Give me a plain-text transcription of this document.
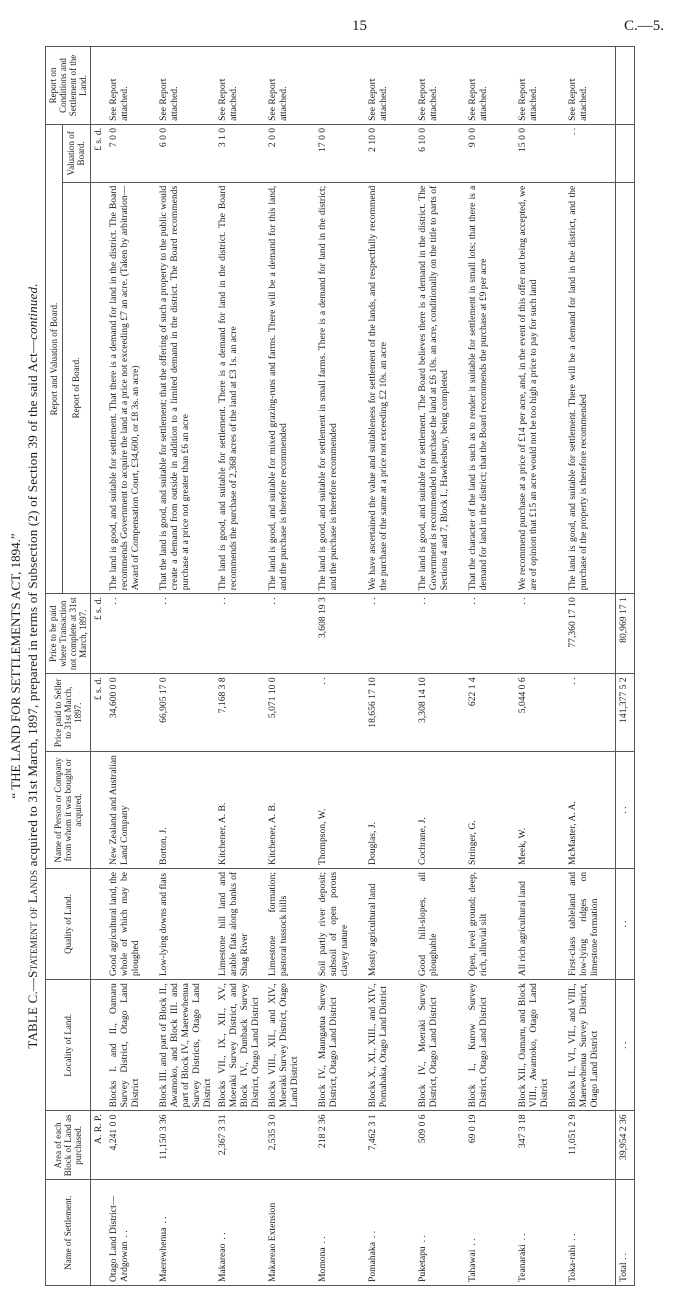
15	C.—5.
“ THE LAND FOR SETTLEMENTS ACT, 1894.”
TABLE C.—Statement of Lands acquired to 31st March, 1897, prepared in terms of Subsection (2) of Section 39 of the said Act—continued.
Name of Settlement.	Area of each Block of Land as purchased.	Locality of Land.	Quality of Land.	Name of Person or Company from whom it was bought or acquired.	Price paid to Seller to 31st March, 1897.	Price to be paid where Transaction not complete at 31st March, 1897.	Report and Valuation of Board.		Report on Conditions and Settlement of the Land.
							Report of Board.	Valuation of Board.	
	A. R. P.				£ s. d.	£ s. d.		£ s. d.	
Otago Land District—Ardgowan. .	4,241 0 0	Blocks I. and II., Oamaru Survey District, Otago Land District	Good agricultural land, the whole of which may be ploughed	New Zealand and Australian Land Company	34,600 0 0	. .	The land is good, and suitable for settlement. That there is a demand for land in the district. The Board recommends Government to acquire the land at a price not exceeding £7 an acre. (Taken by arbitration—Award of Compensation Court, £34,600, or £8 3s. an acre)	7 0 0	See Report attached.
Maerewhenua. .	11,150 3 36	Block III. and part of Block II., Awamoko, and Block III. and part of Block IV., Maerewhenua Survey Districts, Otago Land District	Low-lying downs and flats	Borton, J.	66,905 17 0	. .	That the land is good, and suitable for settlement; that the offering of such a property to the public would create a demand from outside in addition to a limited demand in the district. The Board recommends purchase at a price not greater than £6 an acre	6 0 0	See Report attached.
Makareao. .	2,367 3 31	Blocks VII., IX., XII., XV., Moeraki Survey District, and Block IV., Dunback Survey District, Otago Land District	Limestone hill land and arable flats along banks of Shag River	Kitchener, A. B.	7,168 3 8	. .	The land is good, and suitable for settlement. There is a demand for land in the district. The Board recommends the purchase of 2,368 acres of the land at £3 1s. an acre	3 1 0	See Report attached.
Makareao Extension	2,535 3 0	Blocks VIII., XII., and XIV., Moeraki Survey District, Otago Land District	Limestone formation; pastoral tussock hills	Kitchener, A. B.	5,071 10 0	. .	The land is good, and suitable for mixed grazing-runs and farms. There will be a demand for this land, and the purchase is therefore recommended	2 0 0	See Report attached.
Momona. .	218 2 36	Block IV., Maungatua Survey District, Otago Land District	Soil partly river deposit; subsoil of open porous clayey nature	Thompson, W.	. .	3,608 19 3	The land is good, and suitable for settlement in small farms. There is a demand for land in the district; and the purchase is therefore recommended	17 0 0	
Pomahaka. .	7,462 3 1	Blocks X., XI., XIII., and XIV., Pomahaka, Otago Land District	Mostly agricultural land	Douglas, J.	18,656 17 10	. .	We have ascertained the value and suitableness for settlement of the lands, and respectfully recommend the purchase of the same at a price not exceeding £2 10s. an acre	2 10 0	See Report attached.
Puketapu. .	509 0 6	Block IV., Moeraki Survey District, Otago Land District	Good hill-slopes, all ploughable	Cochrane, J.	3,308 14 10	. .	The land is good, and suitable for settlement. The Board believes there is a demand in the district. The Government is recommended to purchase the land at £6 10s. an acre, conditionally on the title to parts of Sections 4 and 7, Block I., Hawkesbury, being completed	6 10 0	See Report attached.
Tahawai. .	69 0 19	Block I., Kurow Survey District, Otago Land District	Open, level ground; deep, rich, alluvial silt	Stringer, G.	622 1 4	. .	That the character of the land is such as to render it suitable for settlement in small lots; that there is a demand for land in the district; that the Board recommends the purchase at £9 per acre	9 0 0	See Report attached.
Teanaraki. .	347 3 18	Block XII., Oamaru, and Block VIII., Awamoko, Otago Land District	All rich agricultural land	Meek, W.	5,044 0 6	. .	We recommend purchase at a price of £14 per acre, and, in the event of this offer not being accepted, we are of opinion that £15 an acre would not be too high a price to pay for such land	15 0 0	See Report attached.
Toka-rahi. .	11,051 2 9	Blocks II., VI., VII., and VIII., Maerewhenua Survey District, Otago Land District	First-class tableland and low-lying ridges on limestone formation	McMaster, A. A.	. .	77,360 17 10	The land is good, and suitable for settlement. There will be a demand for land in the district, and the purchase of the property is therefore recommended	. .	See Report attached.
Total . .	39,954 2 36	. .	. .	. .	141,377 5 2	80,969 17 1			
